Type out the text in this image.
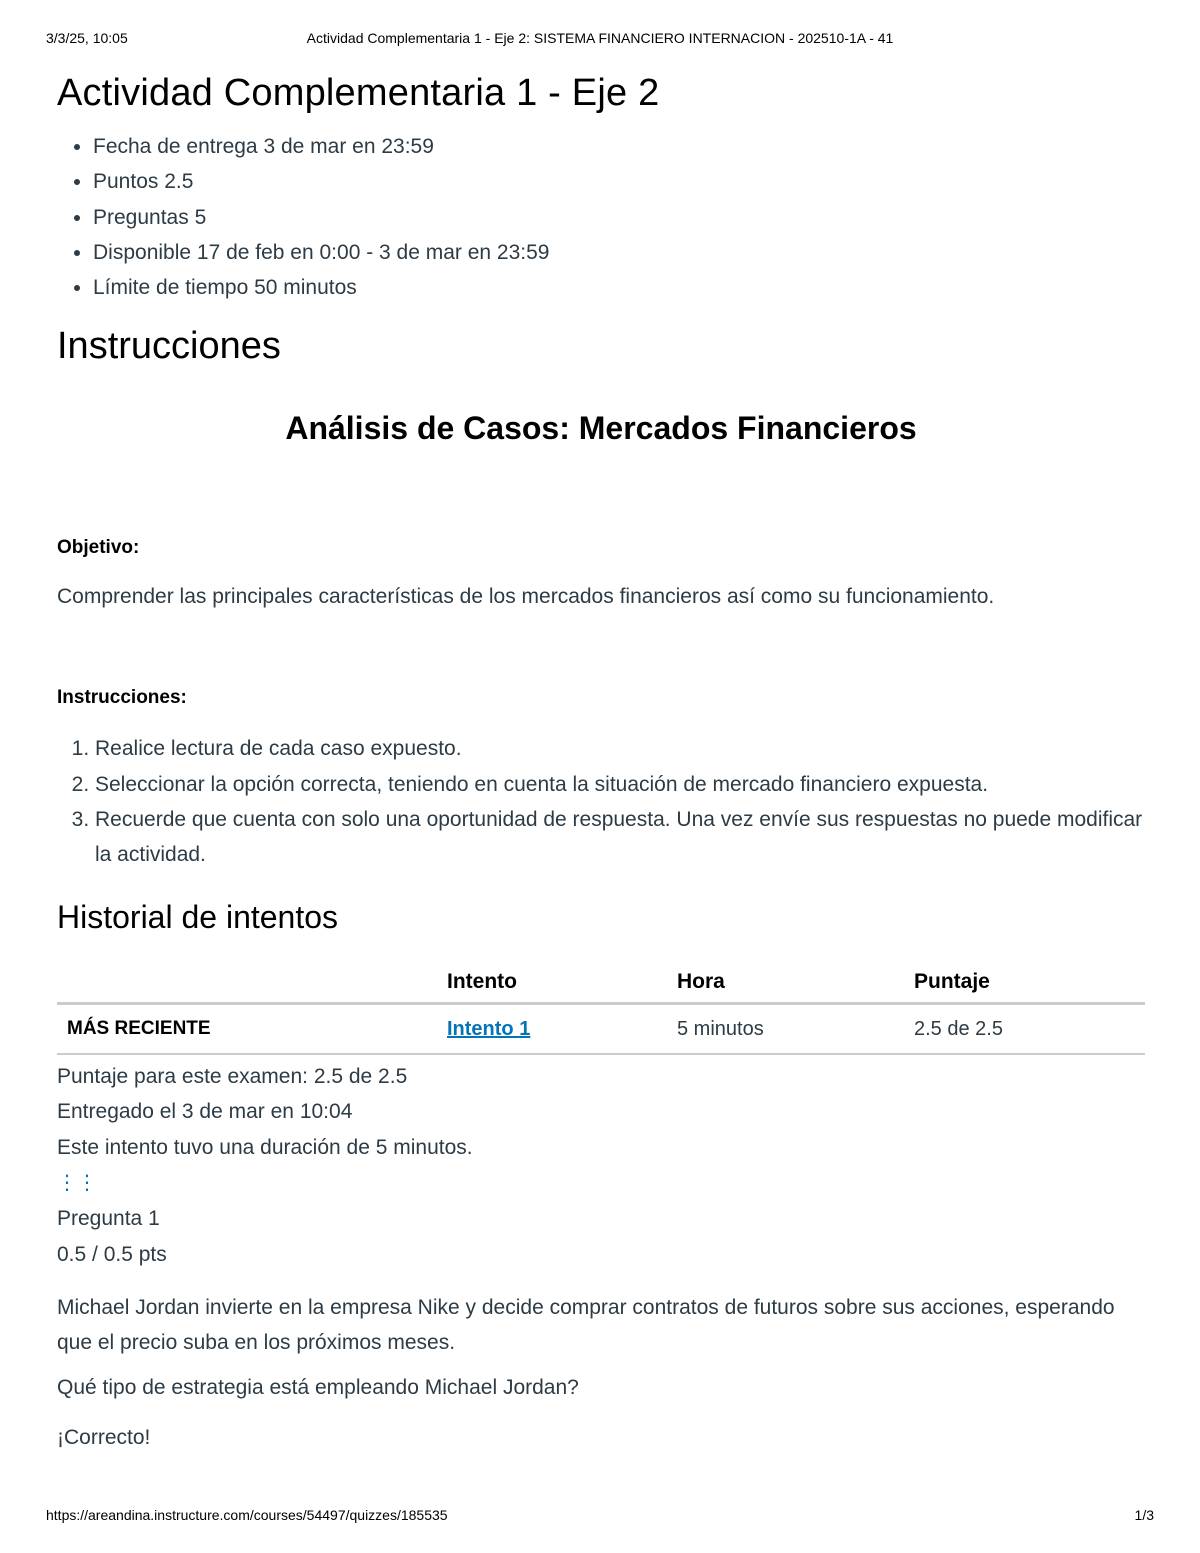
3/3/25, 10:05	Actividad Complementaria 1 - Eje 2: SISTEMA FINANCIERO INTERNACION - 202510-1A - 41
Actividad Complementaria 1 - Eje 2
• Fecha de entrega 3 de mar en 23:59
• Puntos 2.5
• Preguntas 5
• Disponible 17 de feb en 0:00 - 3 de mar en 23:59
• Límite de tiempo 50 minutos
Instrucciones
Análisis de Casos: Mercados Financieros
Objetivo:
Comprender las principales características de los mercados financieros así como su funcionamiento.
Instrucciones:
1. Realice lectura de cada caso expuesto.
2. Seleccionar la opción correcta, teniendo en cuenta la situación de mercado financiero expuesta.
3. Recuerde que cuenta con solo una oportunidad de respuesta. Una vez envíe sus respuestas no puede modificar la actividad.
Historial de intentos
	Intento	Hora	Puntaje
MÁS RECIENTE	Intento 1	5 minutos	2.5 de 2.5
Puntaje para este examen: 2.5 de 2.5
Entregado el 3 de mar en 10:04
Este intento tuvo una duración de 5 minutos.
⋮⋮
Pregunta 1
0.5 / 0.5 pts
Michael Jordan invierte en la empresa Nike y decide comprar contratos de futuros sobre sus acciones, esperando que el precio suba en los próximos meses.
Qué tipo de estrategia está empleando Michael Jordan?
¡Correcto!
https://areandina.instructure.com/courses/54497/quizzes/185535	1/3
